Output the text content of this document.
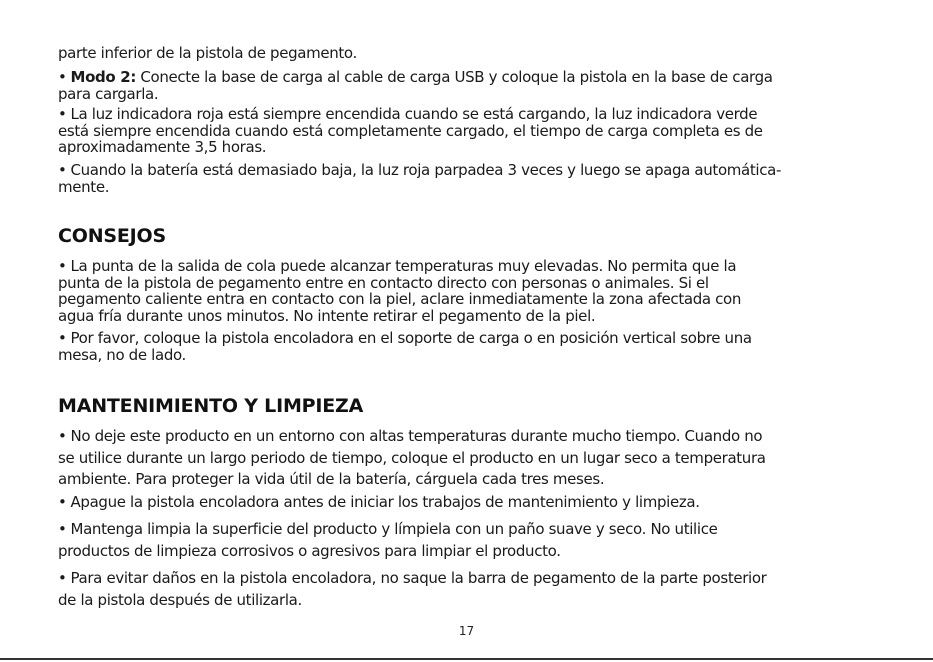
parte inferior de la pistola de pegamento.
• Modo 2: Conecte la base de carga al cable de carga USB y coloque la pistola en la base de carga
para cargarla.
• La luz indicadora roja está siempre encendida cuando se está cargando, la luz indicadora verde
está siempre encendida cuando está completamente cargado, el tiempo de carga completa es de
aproximadamente 3,5 horas.
• Cuando la batería está demasiado baja, la luz roja parpadea 3 veces y luego se apaga automática-
mente.
CONSEJOS
• La punta de la salida de cola puede alcanzar temperaturas muy elevadas. No permita que la
punta de la pistola de pegamento entre en contacto directo con personas o animales. Si el
pegamento caliente entra en contacto con la piel, aclare inmediatamente la zona afectada con
agua fría durante unos minutos. No intente retirar el pegamento de la piel.
• Por favor, coloque la pistola encoladora en el soporte de carga o en posición vertical sobre una
mesa, no de lado.
MANTENIMIENTO Y LIMPIEZA
• No deje este producto en un entorno con altas temperaturas durante mucho tiempo. Cuando no
se utilice durante un largo periodo de tiempo, coloque el producto en un lugar seco a temperatura
ambiente. Para proteger la vida útil de la batería, cárguela cada tres meses.
• Apague la pistola encoladora antes de iniciar los trabajos de mantenimiento y limpieza.
• Mantenga limpia la superficie del producto y límpiela con un paño suave y seco. No utilice
productos de limpieza corrosivos o agresivos para limpiar el producto.
• Para evitar daños en la pistola encoladora, no saque la barra de pegamento de la parte posterior
de la pistola después de utilizarla.
17
